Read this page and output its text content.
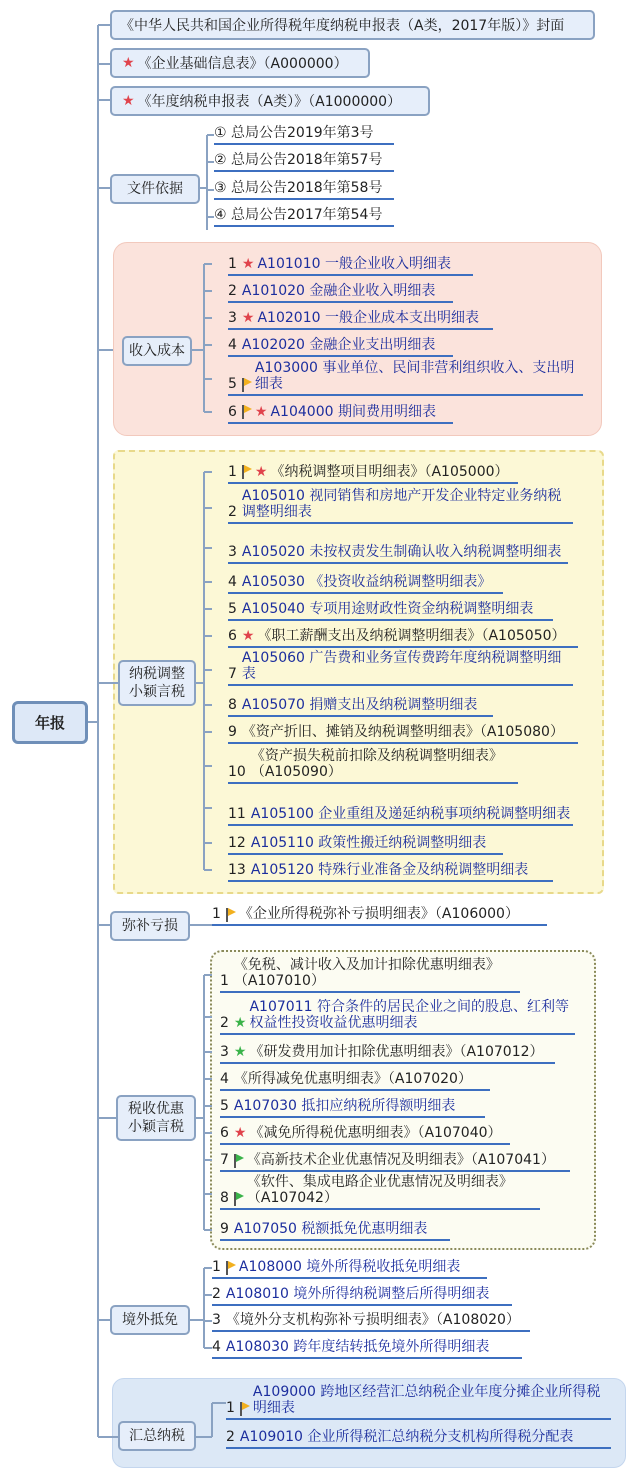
年报
《中华人民共和国企业所得税年度纳税申报表（A类，2017年版）》封面
★ 《企业基础信息表》（A000000）
★ 《年度纳税申报表（A类）》（A1000000）
文件依据
收入成本
纳税调整
小颖言税
弥补亏损
税收优惠
小颖言税
境外抵免
汇总纳税
① 总局公告2019年第3号
② 总局公告2018年第57号
③ 总局公告2018年第58号
④ 总局公告2017年第54号
1 ★ A101010 一般企业收入明细表
2 A101020 金融企业收入明细表
3 ★ A102010 一般企业成本支出明细表
4 A102020 金融企业支出明细表
5
A103000 事业单位、民间非营利组织收入、支出明细表
6 ★ A104000 期间费用明细表
1 ★ 《纳税调整项目明细表》（A105000）
2
A105010 视同销售和房地产开发企业特定业务纳税调整明细表
3 A105020 未按权责发生制确认收入纳税调整明细表
4 A105030 《投资收益纳税调整明细表》
5 A105040 专项用途财政性资金纳税调整明细表
6 ★ 《职工薪酬支出及纳税调整明细表》（A105050）
7
A105060 广告费和业务宣传费跨年度纳税调整明细表
8 A105070 捐赠支出及纳税调整明细表
9 《资产折旧、摊销及纳税调整明细表》（A105080）
10
《资产损失税前扣除及纳税调整明细表》（A105090）
11 A105100 企业重组及递延纳税事项纳税调整明细表
12 A105110 政策性搬迁纳税调整明细表
13 A105120 特殊行业准备金及纳税调整明细表
1 《企业所得税弥补亏损明细表》（A106000）
1
《免税、减计收入及加计扣除优惠明细表》（A107010）
2 ★
A107011 符合条件的居民企业之间的股息、红利等权益性投资收益优惠明细表
3 ★ 《研发费用加计扣除优惠明细表》（A107012）
4 《所得减免优惠明细表》（A107020）
5 A107030 抵扣应纳税所得额明细表
6 ★ 《减免所得税优惠明细表》（A107040）
7 《高新技术企业优惠情况及明细表》（A107041）
8
《软件、集成电路企业优惠情况及明细表》（A107042）
9 A107050 税额抵免优惠明细表
1 A108000 境外所得税收抵免明细表
2 A108010 境外所得纳税调整后所得明细表
3 《境外分支机构弥补亏损明细表》（A108020）
4 A108030 跨年度结转抵免境外所得明细表
1
A109000 跨地区经营汇总纳税企业年度分摊企业所得税明细表
2 A109010 企业所得税汇总纳税分支机构所得税分配表
